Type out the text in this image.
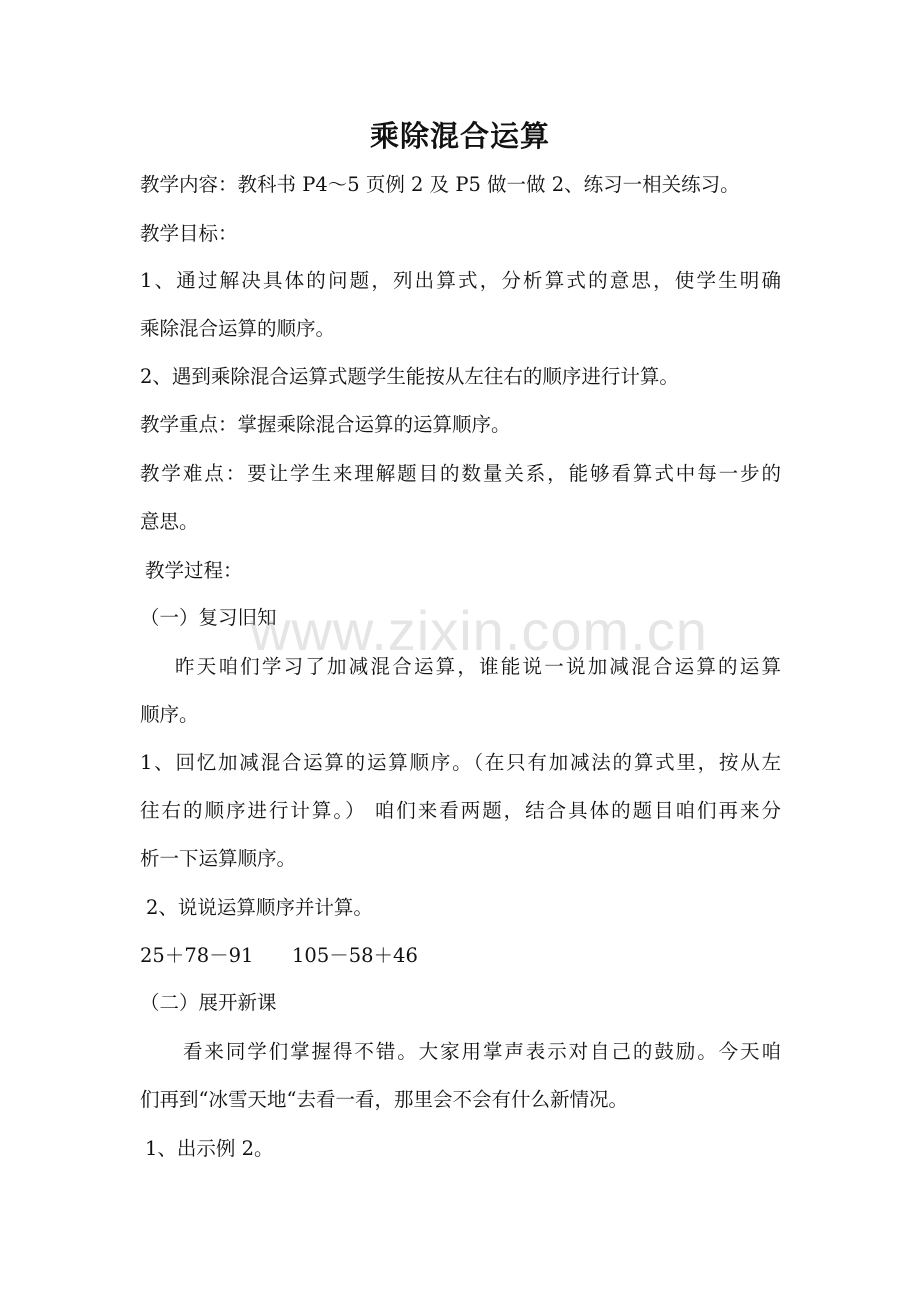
乘除混合运算
教学内容：教科书 P4～5 页例 2 及 P5 做一做 2、练习一相关练习。
教学目标：
1、通过解决具体的问题，列出算式，分析算式的意思，使学生明确
乘除混合运算的顺序。
2、遇到乘除混合运算式题学生能按从左往右的顺序进行计算。
教学重点：掌握乘除混合运算的运算顺序。
教学难点：要让学生来理解题目的数量关系，能够看算式中每一步的
意思。
教学过程：
（一）复习旧知
www.zixin.com.cn
昨天咱们学习了加减混合运算，谁能说一说加减混合运算的运算
顺序。
1、回忆加减混合运算的运算顺序。（在只有加减法的算式里，按从左
往右的顺序进行计算。） 咱们来看两题，结合具体的题目咱们再来分
析一下运算顺序。
2、说说运算顺序并计算。
25＋78－91 105－58＋46
（二）展开新课
看来同学们掌握得不错。大家用掌声表示对自己的鼓励。今天咱
们再到“冰雪天地“去看一看，那里会不会有什么新情况。
1、出示例 2。
